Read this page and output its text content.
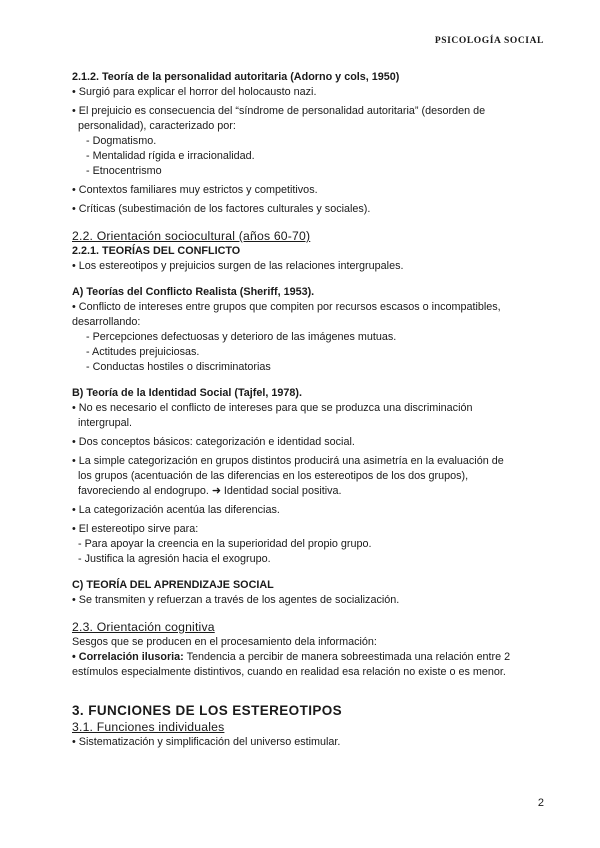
PSICOLOGÍA SOCIAL

2.1.2. Teoría de la personalidad autoritaria (Adorno y cols, 1950)

• Surgió para explicar el horror del holocausto nazi.

• El prejuicio es consecuencia del “síndrome de personalidad autoritaria” (desorden de

personalidad), caracterizado por:

- Dogmatismo.

- Mentalidad rígida e irracionalidad.

- Etnocentrismo

• Contextos familiares muy estrictos y competitivos.

• Críticas (subestimación de los factores culturales y sociales).

2.2. Orientación sociocultural (años 60-70)

2.2.1. TEORÍAS DEL CONFLICTO

• Los estereotipos y prejuicios surgen de las relaciones intergrupales.

A) Teorías del Conflicto Realista (Sheriff, 1953).

• Conflicto de intereses entre grupos que compiten por recursos escasos o incompatibles,

desarrollando:

- Percepciones defectuosas y deterioro de las imágenes mutuas.

- Actitudes prejuiciosas.

- Conductas hostiles o discriminatorias

B) Teoría de la Identidad Social (Tajfel, 1978).

• No es necesario el conflicto de intereses para que se produzca una discriminación

intergrupal.

• Dos conceptos básicos: categorización e identidad social.

• La simple categorización en grupos distintos producirá una asimetría en la evaluación de

los grupos (acentuación de las diferencias en los estereotipos de los dos grupos),

favoreciendo al endogrupo. ➜ Identidad social positiva.

• La categorización acentúa las diferencias.

• El estereotipo sirve para:

- Para apoyar la creencia en la superioridad del propio grupo.

- Justifica la agresión hacia el exogrupo.

C) TEORÍA DEL APRENDIZAJE SOCIAL

• Se transmiten y refuerzan a través de los agentes de socialización.

2.3. Orientación cognitiva

Sesgos que se producen en el procesamiento dela información:

• Correlación ilusoria: Tendencia a percibir de manera sobreestimada una relación entre 2

estímulos especialmente distintivos, cuando en realidad esa relación no existe o es menor.

3. FUNCIONES DE LOS ESTEREOTIPOS

3.1. Funciones individuales

• Sistematización y simplificación del universo estimular.

2
